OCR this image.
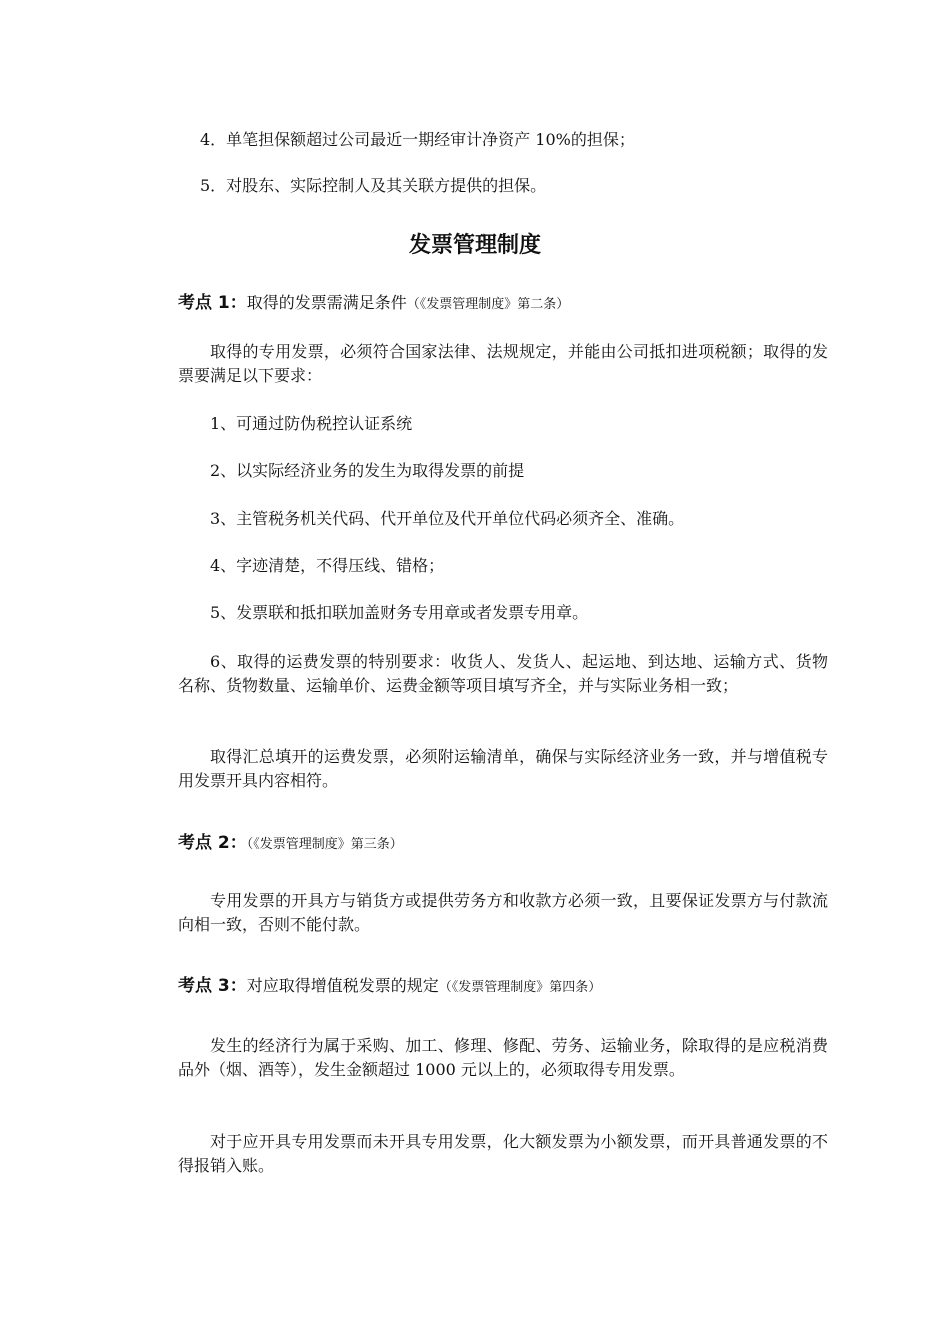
4．单笔担保额超过公司最近一期经审计净资产 10%的担保；
5．对股东、实际控制人及其关联方提供的担保。
发票管理制度
考点 1：取得的发票需满足条件（《发票管理制度》第二条）
取得的专用发票，必须符合国家法律、法规规定，并能由公司抵扣进项税额；取得的发票要满足以下要求：
1、可通过防伪税控认证系统
2、以实际经济业务的发生为取得发票的前提
3、主管税务机关代码、代开单位及代开单位代码必须齐全、准确。
4、字迹清楚，不得压线、错格；
5、发票联和抵扣联加盖财务专用章或者发票专用章。
6、取得的运费发票的特别要求：收货人、发货人、起运地、到达地、运输方式、货物名称、货物数量、运输单价、运费金额等项目填写齐全，并与实际业务相一致；
取得汇总填开的运费发票，必须附运输清单，确保与实际经济业务一致，并与增值税专用发票开具内容相符。
考点 2：（《发票管理制度》第三条）
专用发票的开具方与销货方或提供劳务方和收款方必须一致，且要保证发票方与付款流向相一致，否则不能付款。
考点 3：对应取得增值税发票的规定（《发票管理制度》第四条）
发生的经济行为属于采购、加工、修理、修配、劳务、运输业务，除取得的是应税消费品外（烟、酒等），发生金额超过 1000 元以上的，必须取得专用发票。
对于应开具专用发票而未开具专用发票，化大额发票为小额发票，而开具普通发票的不得报销入账。
